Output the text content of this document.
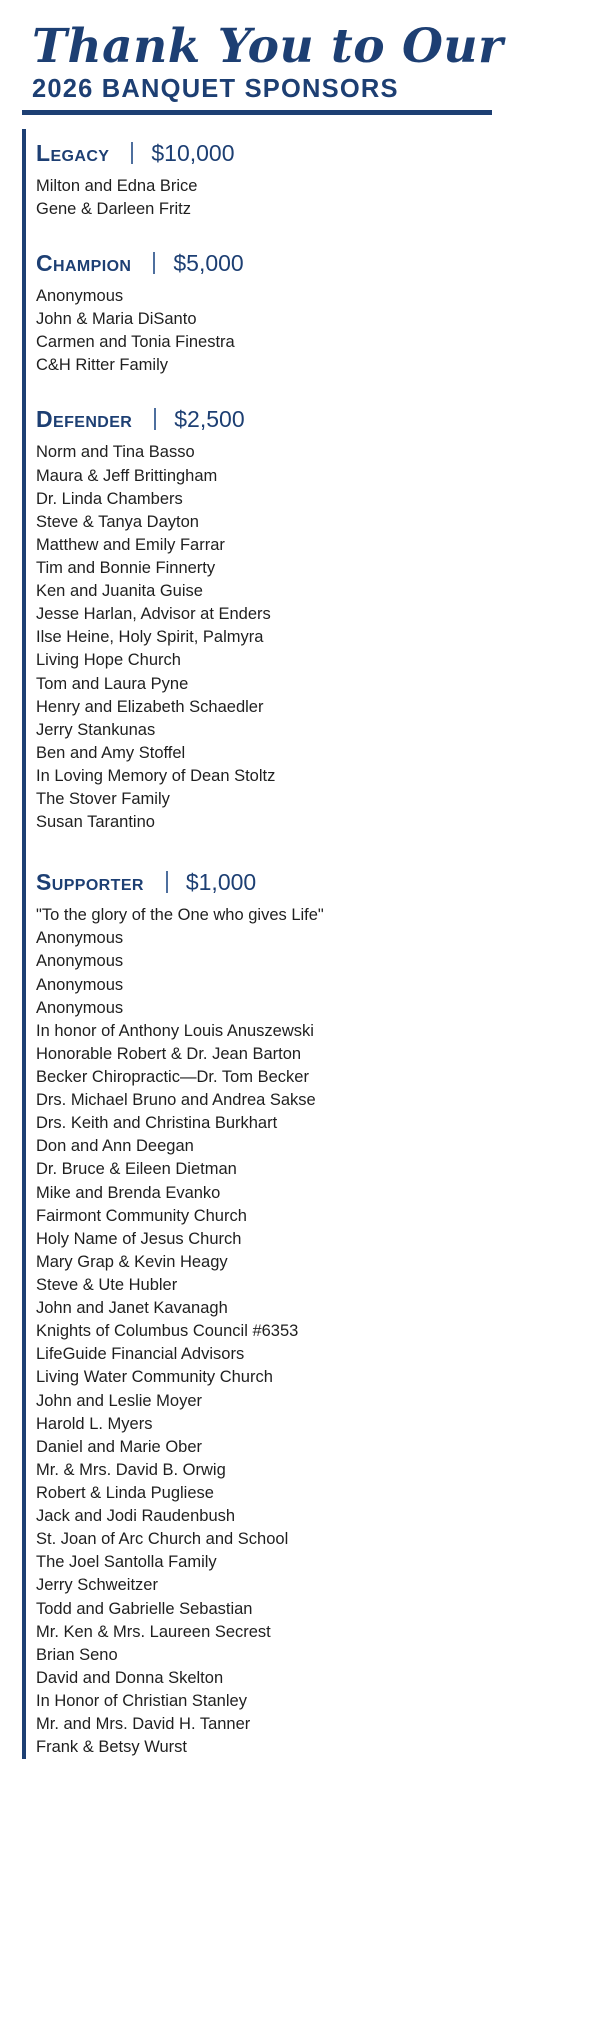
Thank You to Our
2026 BANQUET SPONSORS
Legacy $10,000
Milton and Edna Brice
Gene & Darleen Fritz
Champion $5,000
Anonymous
John & Maria DiSanto
Carmen and Tonia Finestra
C&H Ritter Family
Defender $2,500
Norm and Tina Basso
Maura & Jeff Brittingham
Dr. Linda Chambers
Steve & Tanya Dayton
Matthew and Emily Farrar
Tim and Bonnie Finnerty
Ken and Juanita Guise
Jesse Harlan, Advisor at Enders
Ilse Heine, Holy Spirit, Palmyra
Living Hope Church
Tom and Laura Pyne
Henry and Elizabeth Schaedler
Jerry Stankunas
Ben and Amy Stoffel
In Loving Memory of Dean Stoltz
The Stover Family
Susan Tarantino
Supporter $1,000
"To the glory of the One who gives Life"
Anonymous
Anonymous
Anonymous
Anonymous
In honor of Anthony Louis Anuszewski
Honorable Robert & Dr. Jean Barton
Becker Chiropractic—Dr. Tom Becker
Drs. Michael Bruno and Andrea Sakse
Drs. Keith and Christina Burkhart
Don and Ann Deegan
Dr. Bruce & Eileen Dietman
Mike and Brenda Evanko
Fairmont Community Church
Holy Name of Jesus Church
Mary Grap & Kevin Heagy
Steve & Ute Hubler
John and Janet Kavanagh
Knights of Columbus Council #6353
LifeGuide Financial Advisors
Living Water Community Church
John and Leslie Moyer
Harold L. Myers
Daniel and Marie Ober
Mr. & Mrs. David B. Orwig
Robert & Linda Pugliese
Jack and Jodi Raudenbush
St. Joan of Arc Church and School
The Joel Santolla Family
Jerry Schweitzer
Todd and Gabrielle Sebastian
Mr. Ken & Mrs. Laureen Secrest
Brian Seno
David and Donna Skelton
In Honor of Christian Stanley
Mr. and Mrs. David H. Tanner
Frank & Betsy Wurst
